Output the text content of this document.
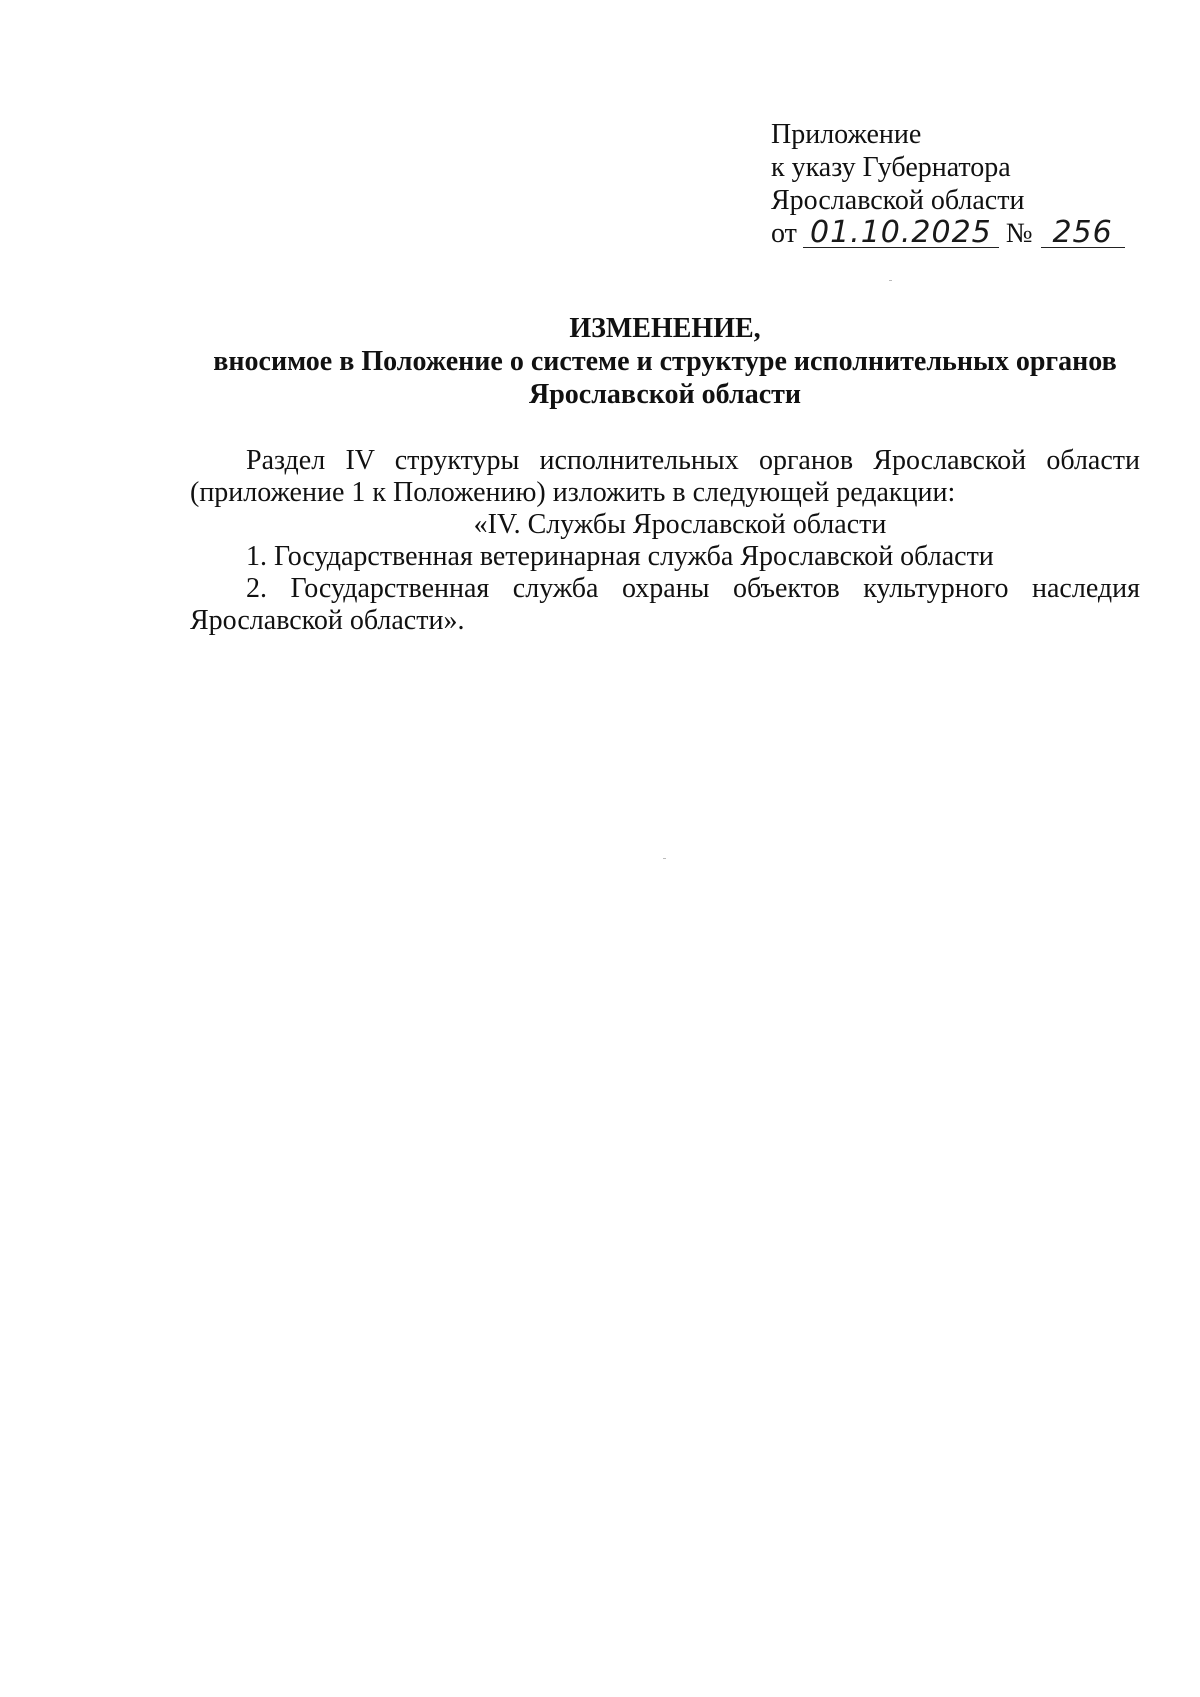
Приложение
к указу Губернатора
Ярославской области
от 01.10.2025 № 256
ИЗМЕНЕНИЕ,
вносимое в Положение о системе и структуре исполнительных органов
Ярославской области
Раздел IV структуры исполнительных органов Ярославской области
(приложение 1 к Положению) изложить в следующей редакции:
«IV. Службы Ярославской области
1. Государственная ветеринарная служба Ярославской области
2. Государственная служба охраны объектов культурного наследия
Ярославской области».
